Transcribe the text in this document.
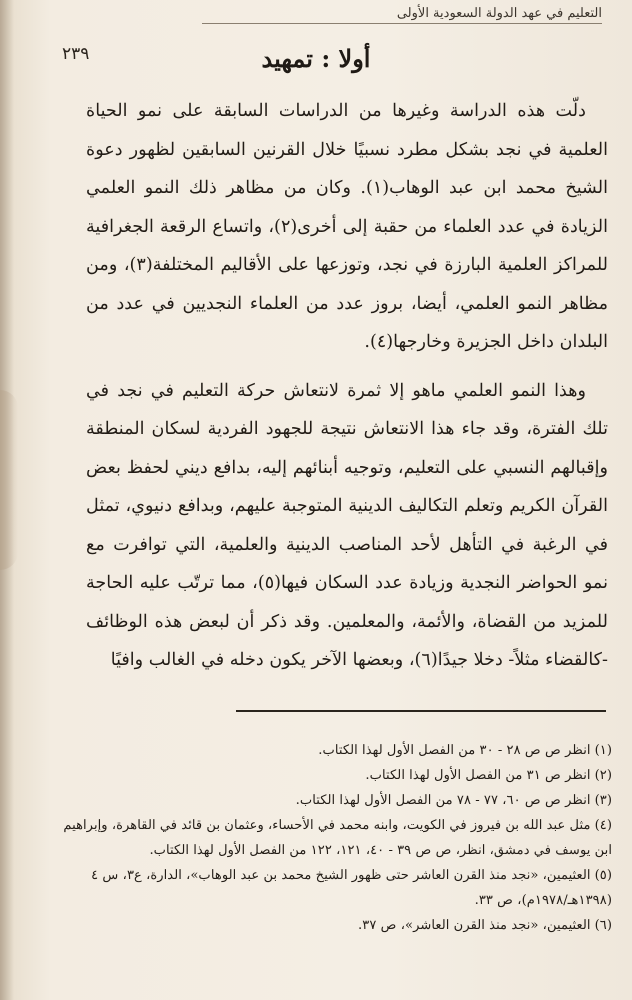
التعليم في عهد الدولة السعودية الأولى
٢٣٩	أولا : تمهيد

دلّت هذه الدراسة وغيرها من الدراسات السابقة على نمو الحياة العلمية في نجد بشكل مطرد نسبيًا خلال القرنين السابقين لظهور دعوة الشيخ محمد ابن عبد الوهاب(١). وكان من مظاهر ذلك النمو العلمي الزيادة في عدد العلماء من حقبة إلى أخرى(٢)، واتساع الرقعة الجغرافية للمراكز العلمية البارزة في نجد، وتوزعها على الأقاليم المختلفة(٣)، ومن مظاهر النمو العلمي، أيضا، بروز عدد من العلماء النجديين في عدد من البلدان داخل الجزيرة وخارجها(٤).

وهذا النمو العلمي ماهو إلا ثمرة لانتعاش حركة التعليم في نجد في تلك الفترة، وقد جاء هذا الانتعاش نتيجة للجهود الفردية لسكان المنطقة وإقبالهم النسبي على التعليم، وتوجيه أبنائهم إليه، بدافع ديني لحفظ بعض القرآن الكريم وتعلم التكاليف الدينية المتوجبة عليهم، وبدافع دنيوي، تمثل في الرغبة في التأهل لأحد المناصب الدينية والعلمية، التي توافرت مع نمو الحواضر النجدية وزيادة عدد السكان فيها(٥)، مما ترتّب عليه الحاجة للمزيد من القضاة، والأئمة، والمعلمين. وقد ذكر أن لبعض هذه الوظائف -كالقضاء مثلاً- دخلا جيدًا(٦)، وبعضها الآخر يكون دخله في الغالب وافيًا

(١)انظر ص ص ٢٨ - ٣٠ من الفصل الأول لهذا الكتاب.

(٢)انظر ص ٣١ من الفصل الأول لهذا الكتاب.

(٣)انظر ص ص ٦٠، ٧٧ - ٧٨ من الفصل الأول لهذا الكتاب.

(٤)مثل عبد الله بن فيروز في الكويت، وابنه محمد في الأحساء، وعثمان بن قائد في القاهرة، وإبراهيم ابن يوسف في دمشق، انظر، ص ص ٣٩ - ٤٠، ١٢١، ١٢٢ من الفصل الأول لهذا الكتاب.

(٥)العثيمين، «نجد منذ القرن العاشر حتى ظهور الشيخ محمد بن عبد الوهاب»، الدارة، ع٣، س ٤ (١٣٩٨هـ/١٩٧٨م)، ص ٣٣.

(٦)العثيمين، «نجد منذ القرن العاشر»، ص ٣٧.
